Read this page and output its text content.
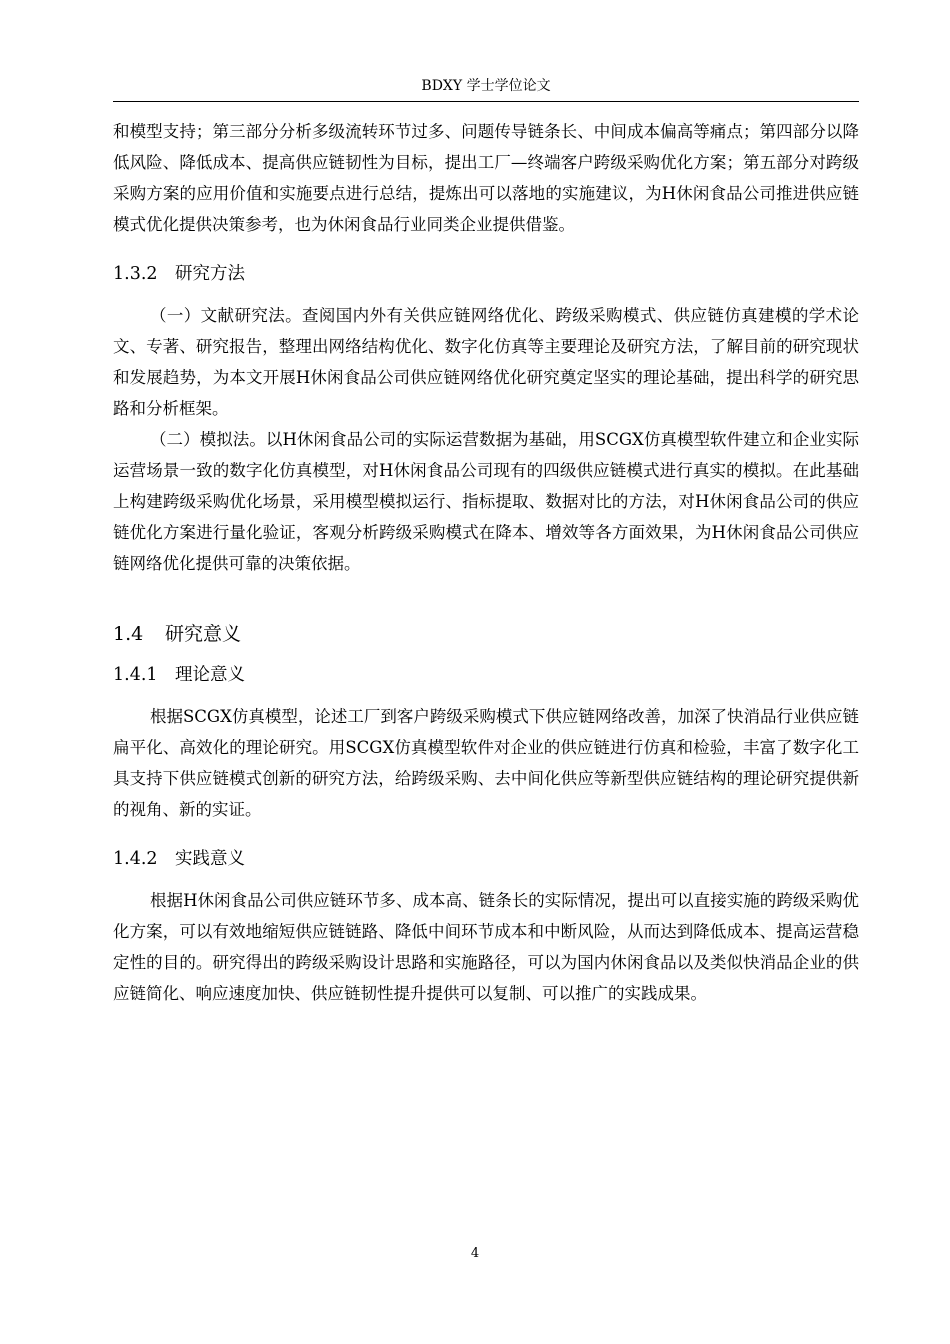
BDXY 学士学位论文

和模型支持；第三部分分析多级流转环节过多、问题传导链条长、中间成本偏高等痛点；第四部分以降低风险、降低成本、提高供应链韧性为目标，提出工厂—终端客户跨级采购优化方案；第五部分对跨级采购方案的应用价值和实施要点进行总结，提炼出可以落地的实施建议，为H休闲食品公司推进供应链模式优化提供决策参考，也为休闲食品行业同类企业提供借鉴。

1.3.2 研究方法

（一）文献研究法。查阅国内外有关供应链网络优化、跨级采购模式、供应链仿真建模的学术论文、专著、研究报告，整理出网络结构优化、数字化仿真等主要理论及研究方法，了解目前的研究现状和发展趋势，为本文开展H休闲食品公司供应链网络优化研究奠定坚实的理论基础，提出科学的研究思路和分析框架。

（二）模拟法。以H休闲食品公司的实际运营数据为基础，用SCGX仿真模型软件建立和企业实际运营场景一致的数字化仿真模型，对H休闲食品公司现有的四级供应链模式进行真实的模拟。在此基础上构建跨级采购优化场景，采用模型模拟运行、指标提取、数据对比的方法，对H休闲食品公司的供应链优化方案进行量化验证，客观分析跨级采购模式在降本、增效等各方面效果，为H休闲食品公司供应链网络优化提供可靠的决策依据。

1.4 研究意义
1.4.1 理论意义

根据SCGX仿真模型，论述工厂到客户跨级采购模式下供应链网络改善，加深了快消品行业供应链扁平化、高效化的理论研究。用SCGX仿真模型软件对企业的供应链进行仿真和检验，丰富了数字化工具支持下供应链模式创新的研究方法，给跨级采购、去中间化供应等新型供应链结构的理论研究提供新的视角、新的实证。

1.4.2 实践意义

根据H休闲食品公司供应链环节多、成本高、链条长的实际情况，提出可以直接实施的跨级采购优化方案，可以有效地缩短供应链链路、降低中间环节成本和中断风险，从而达到降低成本、提高运营稳定性的目的。研究得出的跨级采购设计思路和实施路径，可以为国内休闲食品以及类似快消品企业的供应链简化、响应速度加快、供应链韧性提升提供可以复制、可以推广的实践成果。

4
